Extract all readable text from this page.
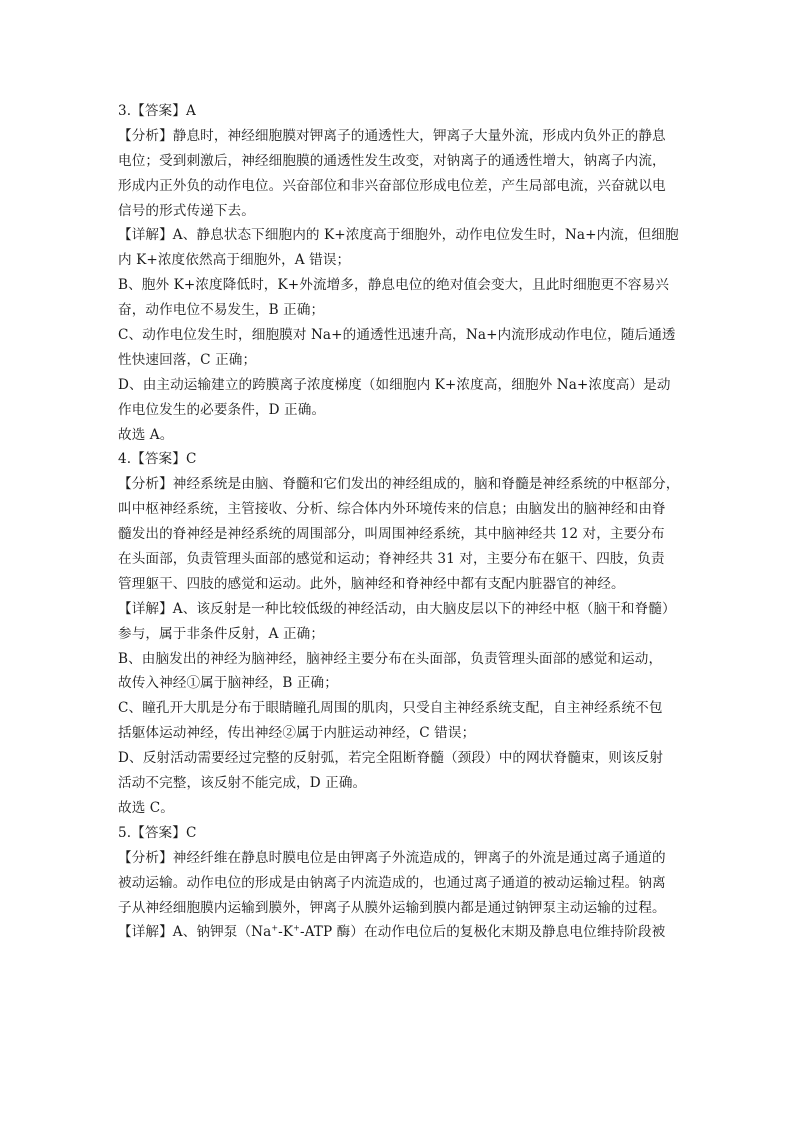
3.【答案】A
【分析】静息时，神经细胞膜对钾离子的通透性大，钾离子大量外流，形成内负外正的静息
电位；受到刺激后，神经细胞膜的通透性发生改变，对钠离子的通透性增大，钠离子内流，
形成内正外负的动作电位。兴奋部位和非兴奋部位形成电位差，产生局部电流，兴奋就以电
信号的形式传递下去。
【详解】A、静息状态下细胞内的 K+浓度高于细胞外，动作电位发生时，Na+内流，但细胞
内 K+浓度依然高于细胞外，A 错误；
B、胞外 K+浓度降低时，K+外流增多，静息电位的绝对值会变大，且此时细胞更不容易兴
奋，动作电位不易发生，B 正确；
C、动作电位发生时，细胞膜对 Na+的通透性迅速升高，Na+内流形成动作电位，随后通透
性快速回落，C 正确；
D、由主动运输建立的跨膜离子浓度梯度（如细胞内 K+浓度高，细胞外 Na+浓度高）是动
作电位发生的必要条件，D 正确。
故选 A。
4.【答案】C
【分析】神经系统是由脑、脊髓和它们发出的神经组成的，脑和脊髓是神经系统的中枢部分，
叫中枢神经系统，主管接收、分析、综合体内外环境传来的信息；由脑发出的脑神经和由脊
髓发出的脊神经是神经系统的周围部分，叫周围神经系统，其中脑神经共 12 对，主要分布
在头面部，负责管理头面部的感觉和运动；脊神经共 31 对，主要分布在躯干、四肢，负责
管理躯干、四肢的感觉和运动。此外，脑神经和脊神经中都有支配内脏器官的神经。
【详解】A、该反射是一种比较低级的神经活动，由大脑皮层以下的神经中枢（脑干和脊髓）
参与，属于非条件反射，A 正确；
B、由脑发出的神经为脑神经，脑神经主要分布在头面部，负责管理头面部的感觉和运动，
故传入神经①属于脑神经，B 正确；
C、瞳孔开大肌是分布于眼睛瞳孔周围的肌肉，只受自主神经系统支配，自主神经系统不包
括躯体运动神经，传出神经②属于内脏运动神经，C 错误；
D、反射活动需要经过完整的反射弧，若完全阻断脊髓（颈段）中的网状脊髓束，则该反射
活动不完整，该反射不能完成，D 正确。
故选 C。
5.【答案】C
【分析】神经纤维在静息时膜电位是由钾离子外流造成的，钾离子的外流是通过离子通道的
被动运输。动作电位的形成是由钠离子内流造成的，也通过离子通道的被动运输过程。钠离
子从神经细胞膜内运输到膜外，钾离子从膜外运输到膜内都是通过钠钾泵主动运输的过程。
【详解】A、钠钾泵（Na+-K+-ATP 酶）在动作电位后的复极化末期及静息电位维持阶段被
